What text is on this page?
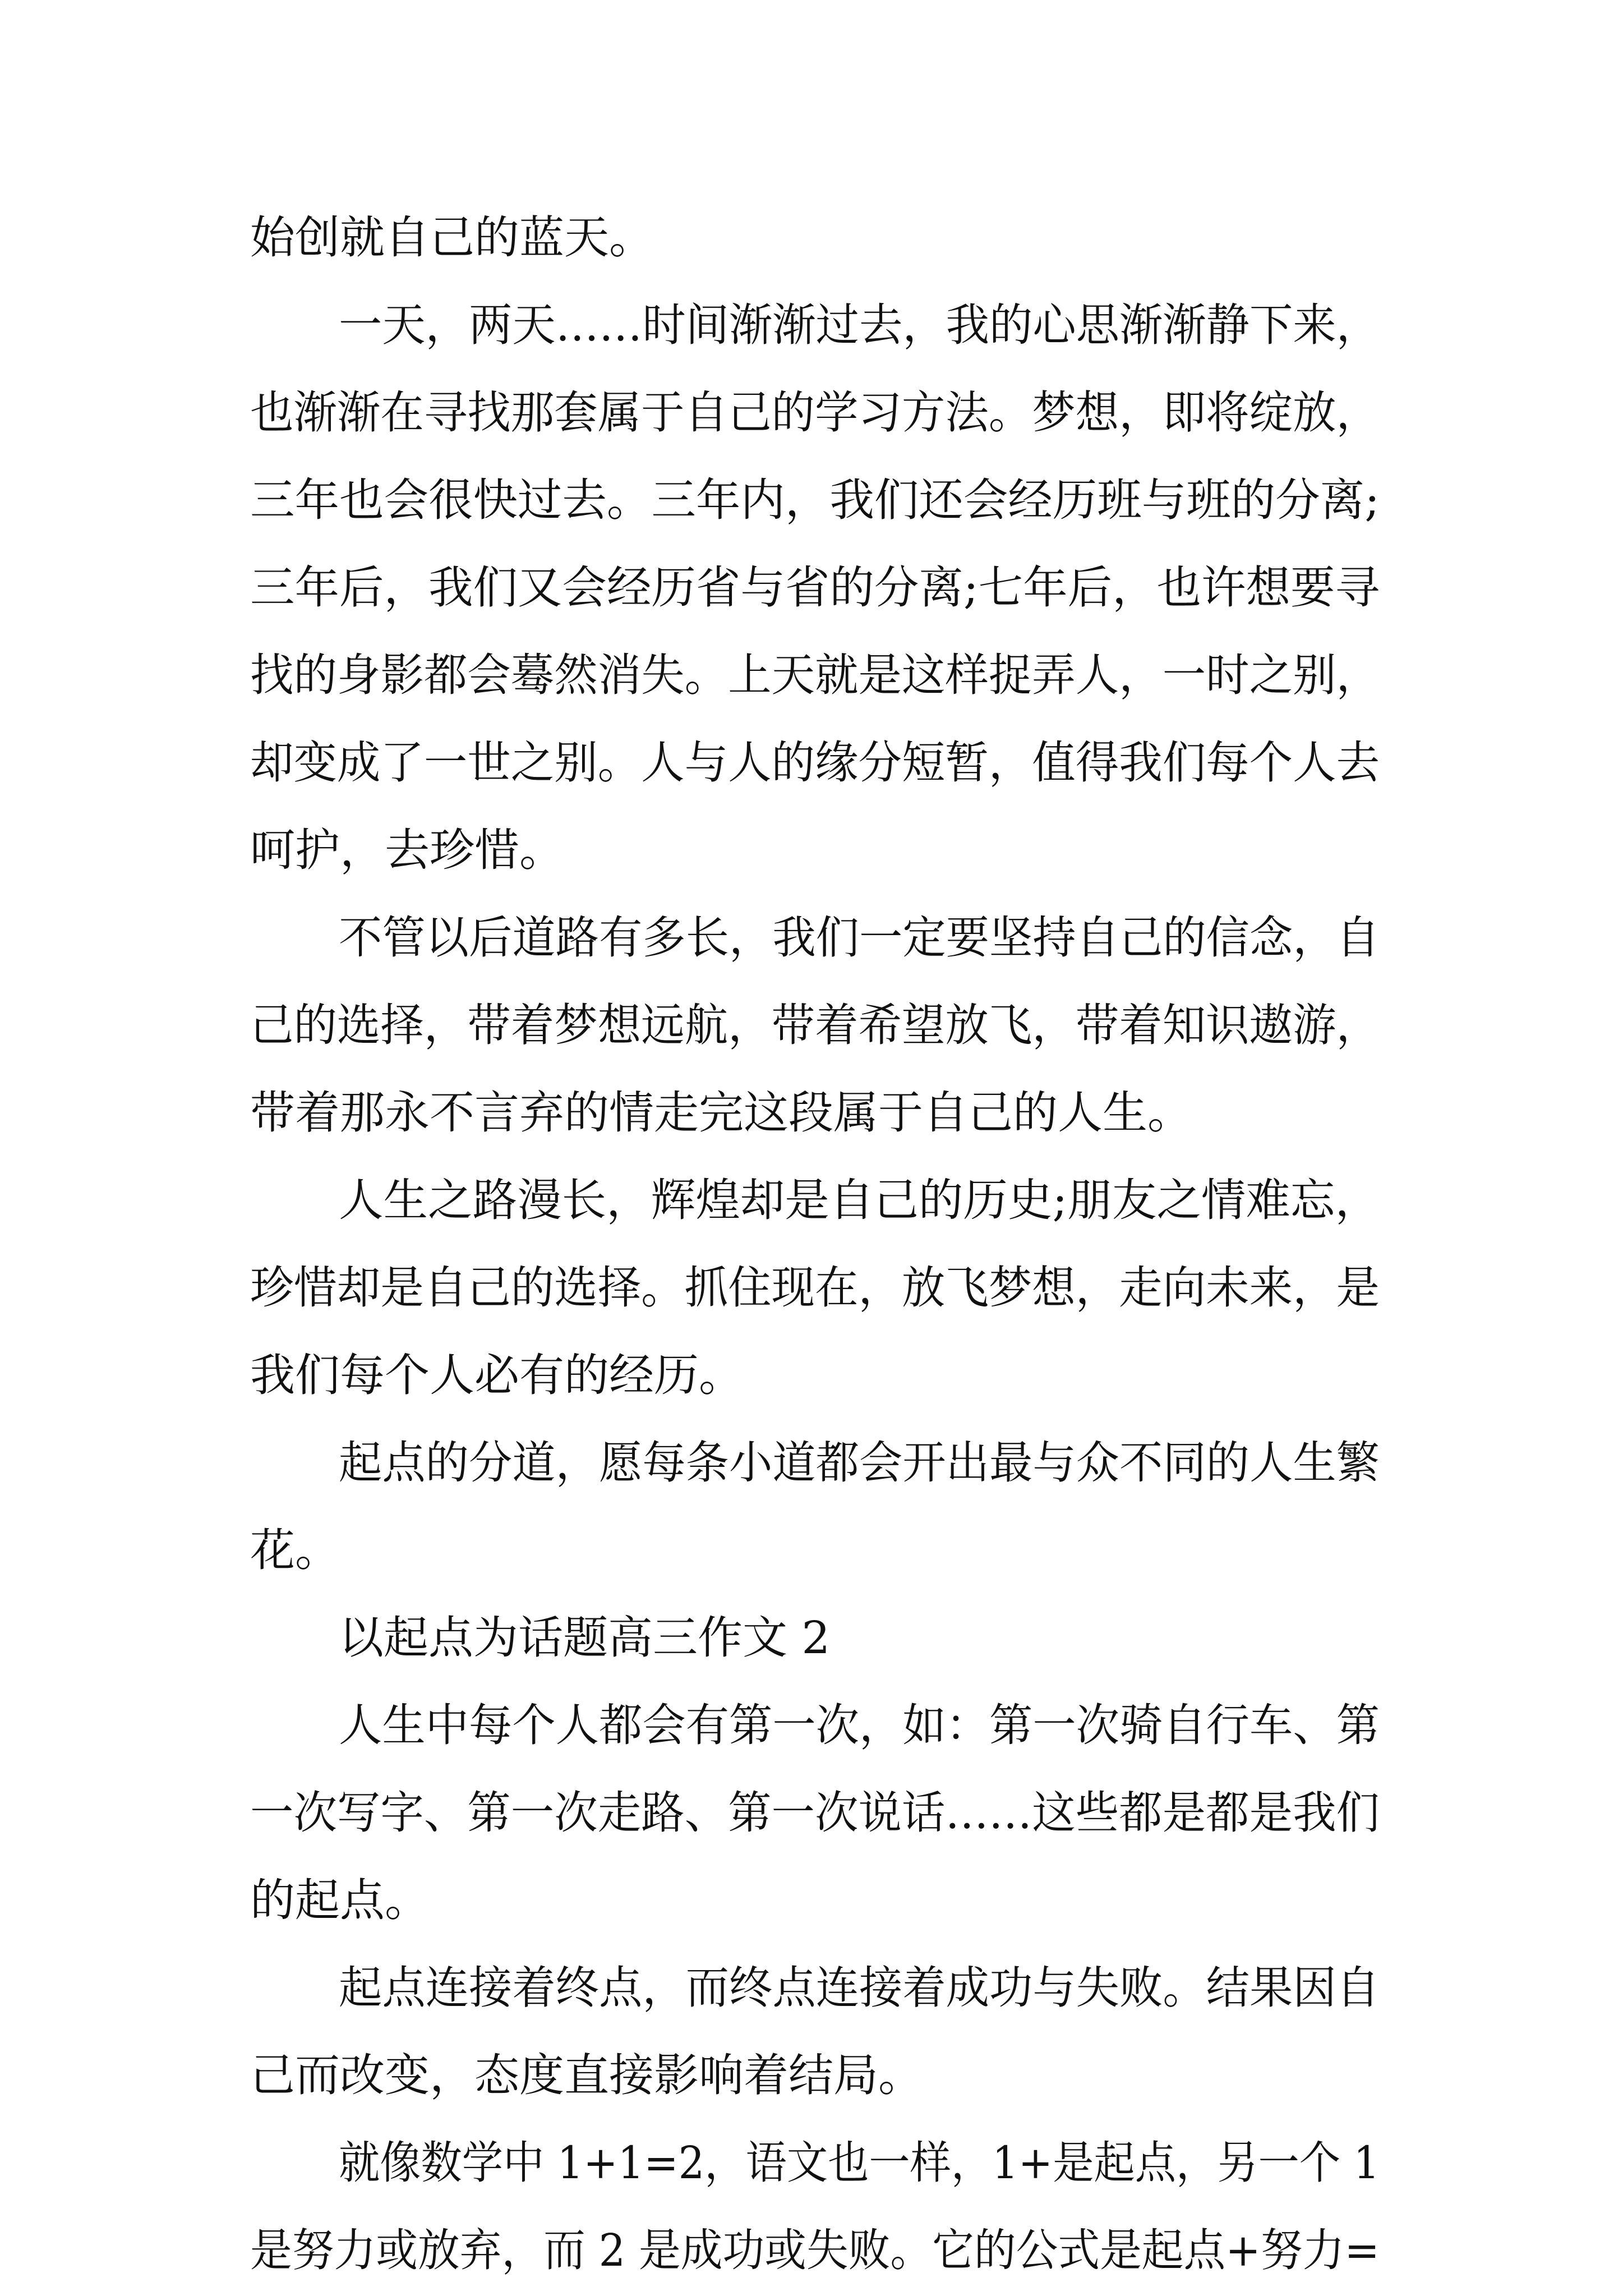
始创就自己的蓝天。
一天，两天……时间渐渐过去，我的心思渐渐静下来，
也渐渐在寻找那套属于自己的学习方法。梦想，即将绽放，
三年也会很快过去。三年内，我们还会经历班与班的分离;
三年后，我们又会经历省与省的分离;七年后，也许想要寻
找的身影都会蓦然消失。上天就是这样捉弄人，一时之别，
却变成了一世之别。人与人的缘分短暂，值得我们每个人去
呵护，去珍惜。
不管以后道路有多长，我们一定要坚持自己的信念，自
己的选择，带着梦想远航，带着希望放飞，带着知识遨游，
带着那永不言弃的情走完这段属于自己的人生。
人生之路漫长，辉煌却是自己的历史;朋友之情难忘，
珍惜却是自己的选择。抓住现在，放飞梦想，走向未来，是
我们每个人必有的经历。
起点的分道，愿每条小道都会开出最与众不同的人生繁
花。
以起点为话题高三作文 2
人生中每个人都会有第一次，如：第一次骑自行车、第
一次写字、第一次走路、第一次说话……这些都是都是我们
的起点。
起点连接着终点，而终点连接着成功与失败。结果因自
己而改变，态度直接影响着结局。
就像数学中 1+1=2，语文也一样，1+是起点，另一个 1
是努力或放弃，而 2 是成功或失败。它的公式是起点+努力=
